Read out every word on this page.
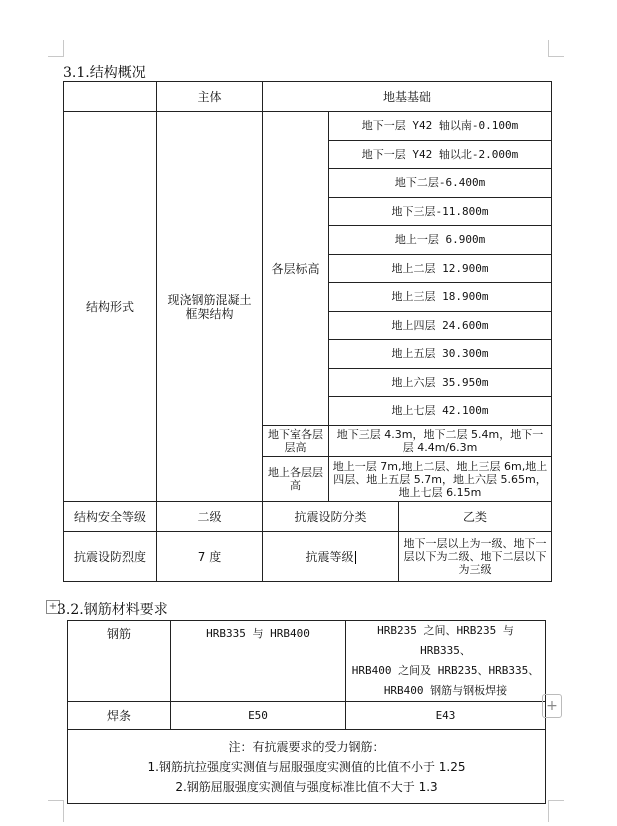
3.1.结构概况
	主体	地基基础		
结构形式	现浇钢筋混凝土框架结构	各层标高	地下一层 Y42 轴以南-0.100m	
			地下一层 Y42 轴以北-2.000m	
			地下二层-6.400m	
			地下三层-11.800m	
			地上一层 6.900m	
			地上二层 12.900m	
			地上三层 18.900m	
			地上四层 24.600m	
			地上五层 30.300m	
			地上六层 35.950m	
			地上七层 42.100m	
		地下室各层层高	地下三层 4.3m，地下二层 5.4m，地下一层 4.4m/6.3m	
		地上各层层高	地上一层 7m,地上二层、地上三层 6m,地上四层、地上五层 5.7m，地上六层 5.65m，地上七层 6.15m	
结构安全等级	二级	抗震设防分类		乙类
抗震设防烈度	7 度	抗震等级		地下一层以上为一级、地下一层以下为二级、地下二层以下为三级
+ 3.2.钢筋材料要求
钢筋	HRB335 与 HRB400	HRB235 之间、HRB235 与 HRB335、
HRB400 之间及 HRB235、HRB335、
HRB400 钢筋与钢板焊接

焊条	E50	E43

注：有抗震要求的受力钢筋：
1.钢筋抗拉强度实测值与屈服强度实测值的比值不小于 1.25
2.钢筋屈服强度实测值与强度标准比值不大于 1.3		
+
